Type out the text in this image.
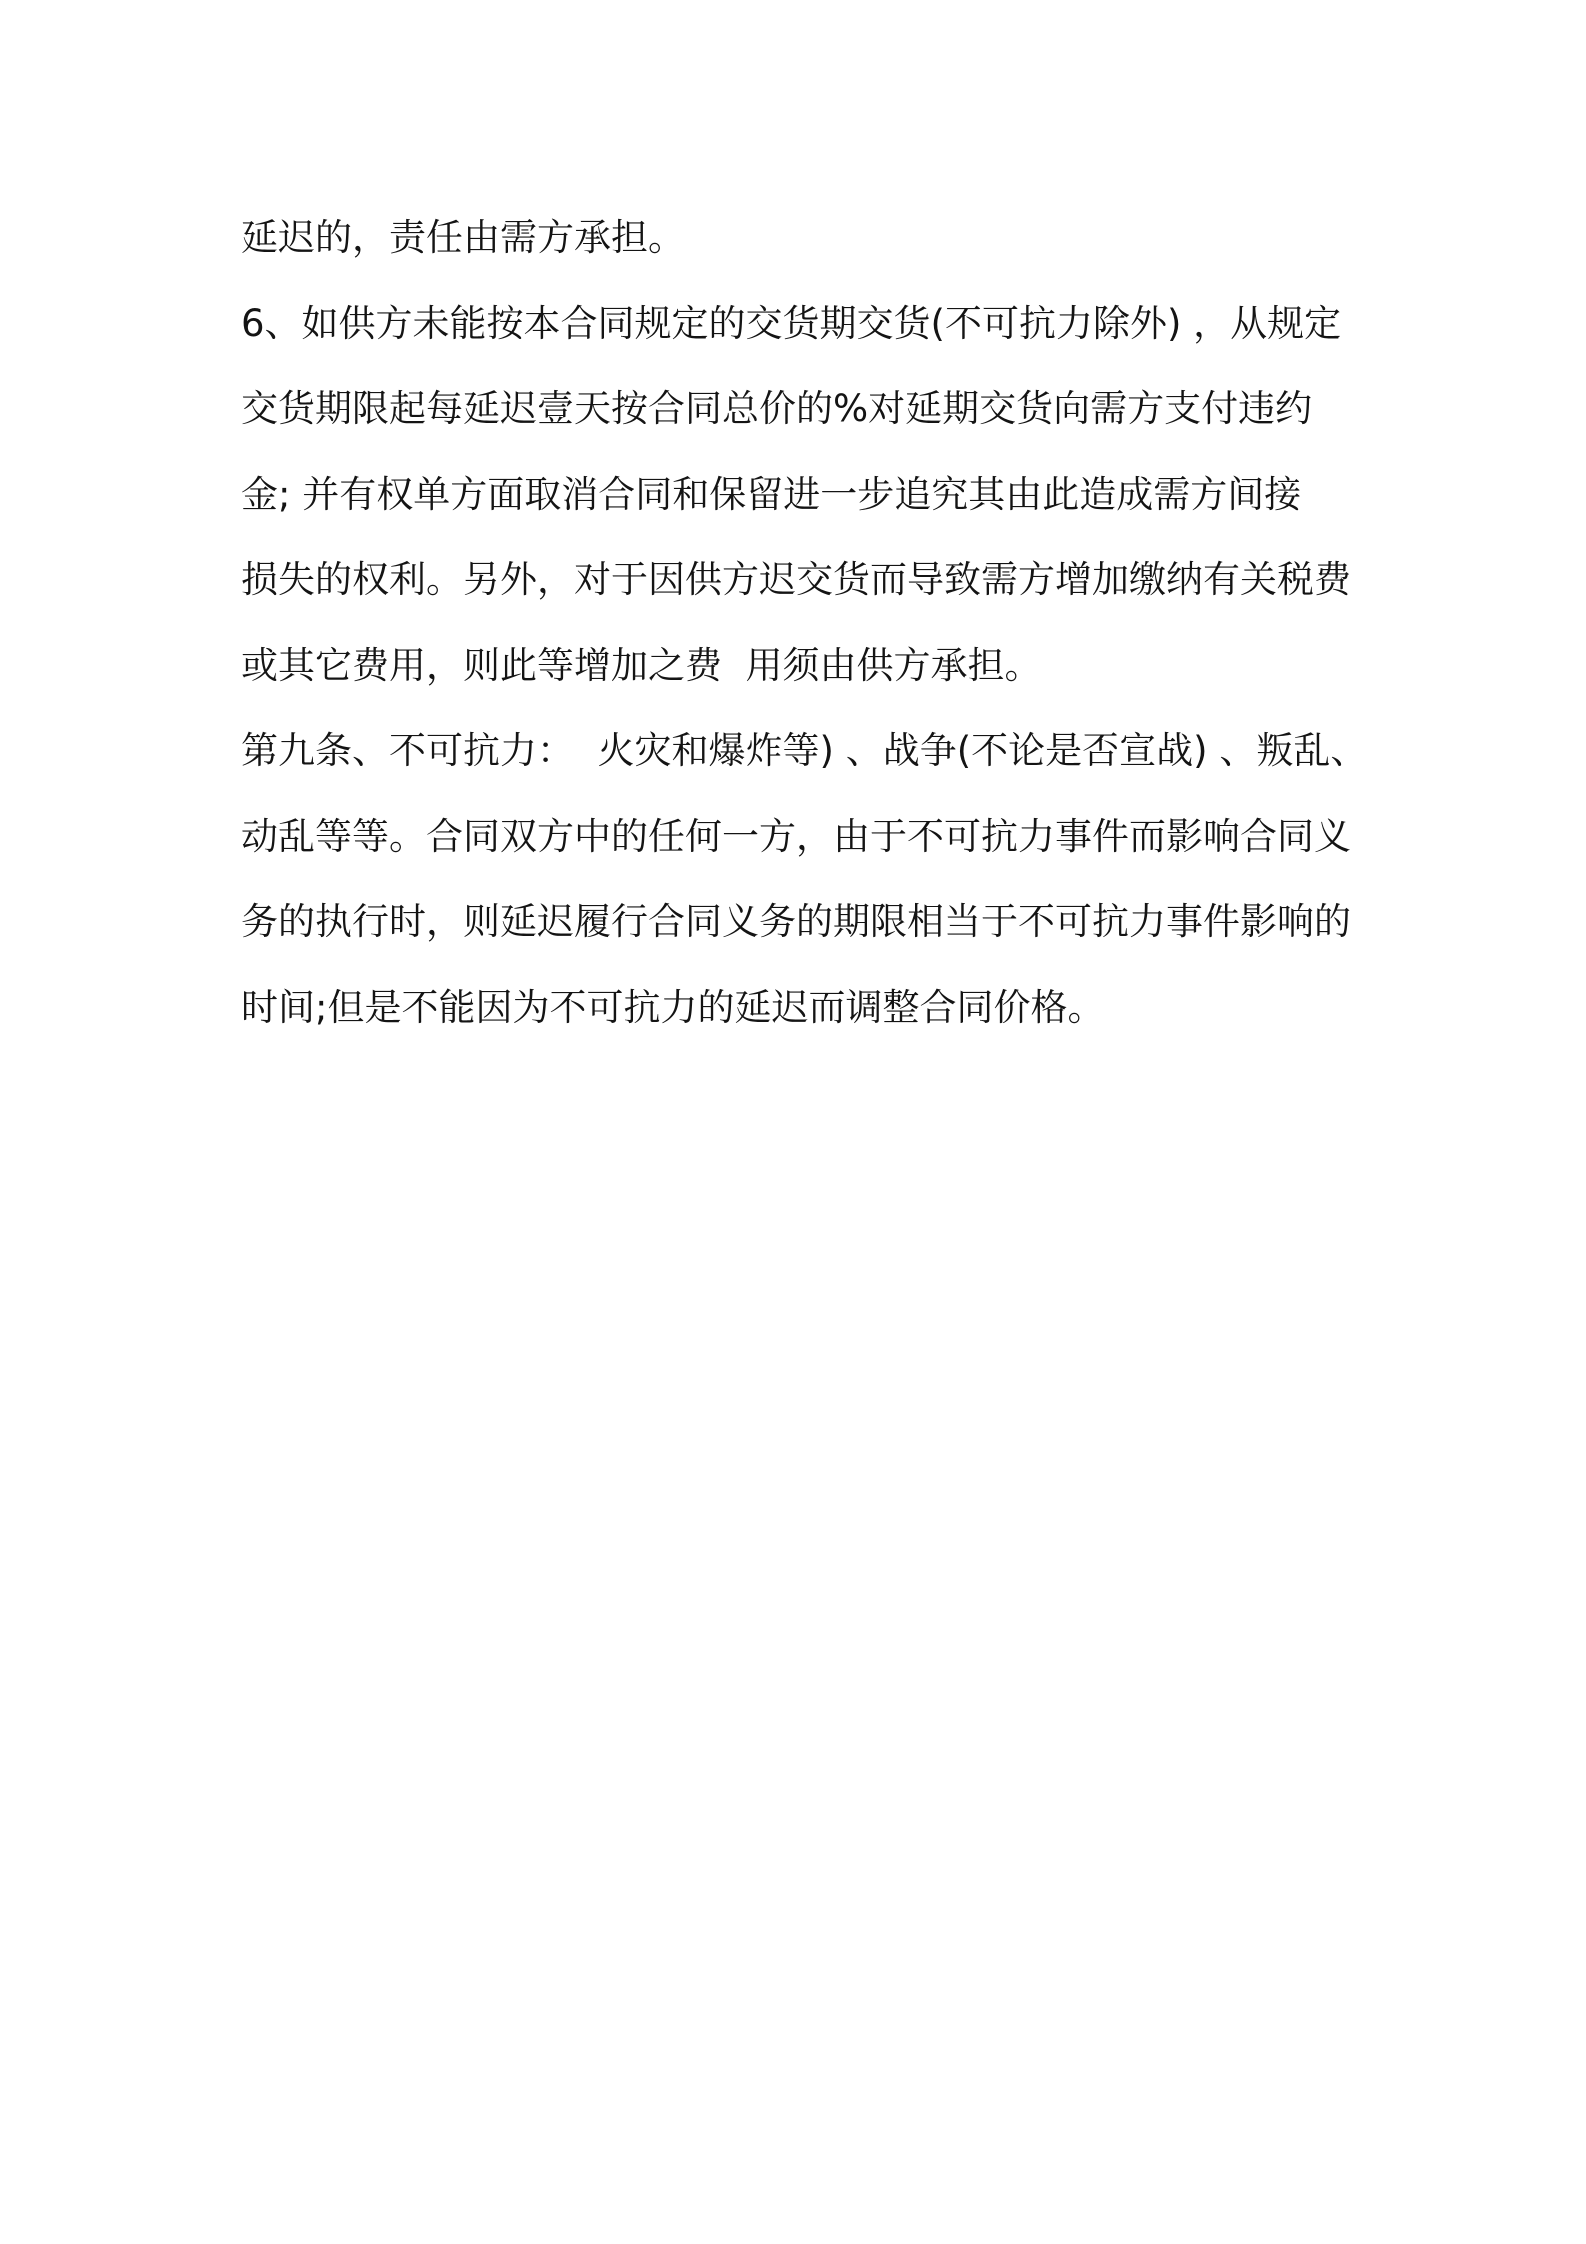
延迟的，责任由需方承担。
6、如供方未能按本合同规定的交货期交货(不可抗力除外) ，从规定
交货期限起每延迟壹天按合同总价的%对延期交货向需方支付违约
金; 并有权单方面取消合同和保留进一步追究其由此造成需方间接
损失的权利。另外，对于因供方迟交货而导致需方增加缴纳有关税费
或其它费用，则此等增加之费  用须由供方承担。
第九条、不可抗力：  火灾和爆炸等) 、战争(不论是否宣战) 、叛乱、
动乱等等。合同双方中的任何一方，由于不可抗力事件而影响合同义
务的执行时，则延迟履行合同义务的期限相当于不可抗力事件影响的
时间;但是不能因为不可抗力的延迟而调整合同价格。
